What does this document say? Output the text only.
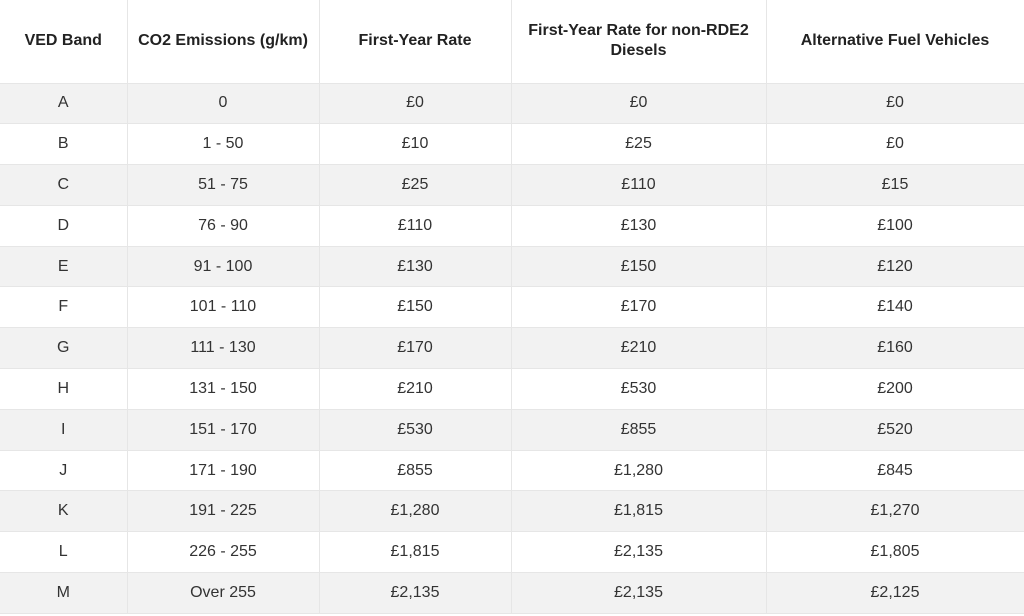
VED Band	CO2 Emissions (g/km)	First-Year Rate	First-Year Rate for non-RDE2 Diesels	Alternative Fuel Vehicles
A	0	£0	£0	£0
B	1 - 50	£10	£25	£0
C	51 - 75	£25	£110	£15
D	76 - 90	£110	£130	£100
E	91 - 100	£130	£150	£120
F	101 - 110	£150	£170	£140
G	111 - 130	£170	£210	£160
H	131 - 150	£210	£530	£200
I	151 - 170	£530	£855	£520
J	171 - 190	£855	£1,280	£845
K	191 - 225	£1,280	£1,815	£1,270
L	226 - 255	£1,815	£2,135	£1,805
M	Over 255	£2,135	£2,135	£2,125
